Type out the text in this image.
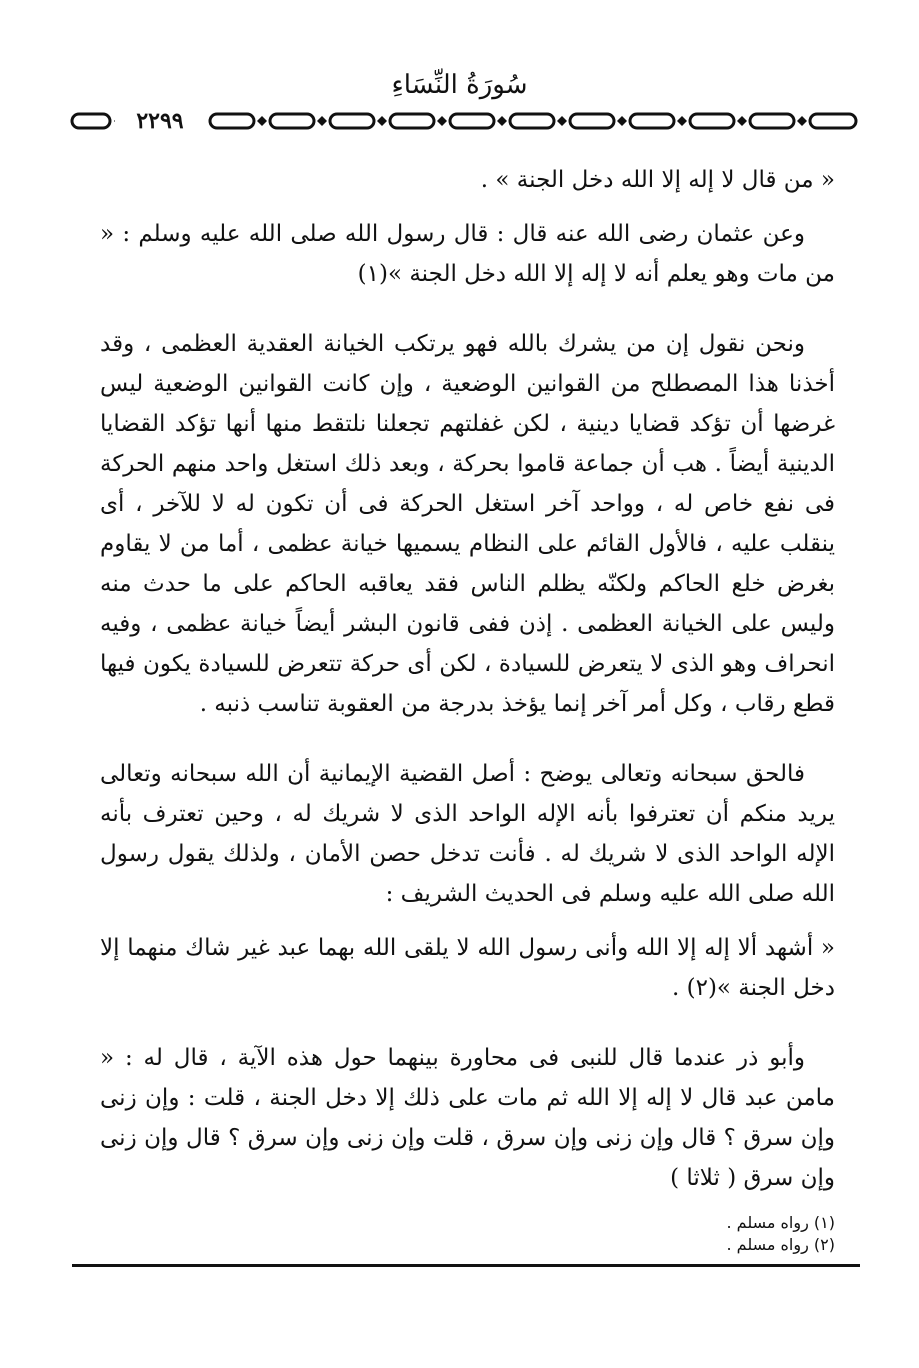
سُورَةُ النِّسَاءِ
٢٢٩٩

« من قال لا إله إلا الله دخل الجنة » .

وعن عثمان رضى الله عنه قال : قال رسول الله صلى الله عليه وسلم : « من مات وهو يعلم أنه لا إله إلا الله دخل الجنة »(١)

ونحن نقول إن من يشرك بالله فهو يرتكب الخيانة العقدية العظمى ، وقد أخذنا هذا المصطلح من القوانين الوضعية ، وإن كانت القوانين الوضعية ليس غرضها أن تؤكد قضايا دينية ، لكن غفلتهم تجعلنا نلتقط منها أنها تؤكد القضايا الدينية أيضاً . هب أن جماعة قاموا بحركة ، وبعد ذلك استغل واحد منهم الحركة فى نفع خاص له ، وواحد آخر استغل الحركة فى أن تكون له لا للآخر ، أى ينقلب عليه ، فالأول القائم على النظام يسميها خيانة عظمى ، أما من لا يقاوم بغرض خلع الحاكم ولكنّه يظلم الناس فقد يعاقبه الحاكم على ما حدث منه وليس على الخيانة العظمى . إذن ففى قانون البشر أيضاً خيانة عظمى ، وفيه انحراف وهو الذى لا يتعرض للسيادة ، لكن أى حركة تتعرض للسيادة يكون فيها قطع رقاب ، وكل أمر آخر إنما يؤخذ بدرجة من العقوبة تناسب ذنبه .

فالحق سبحانه وتعالى يوضح : أصل القضية الإيمانية أن الله سبحانه وتعالى يريد منكم أن تعترفوا بأنه الإله الواحد الذى لا شريك له ، وحين تعترف بأنه الإله الواحد الذى لا شريك له . فأنت تدخل حصن الأمان ، ولذلك يقول رسول الله صلى الله عليه وسلم فى الحديث الشريف :

« أشهد ألا إله إلا الله وأنى رسول الله لا يلقى الله بهما عبد غير شاك منهما إلا دخل الجنة »(٢) .

وأبو ذر عندما قال للنبى فى محاورة بينهما حول هذه الآية ، قال له : « مامن عبد قال لا إله إلا الله ثم مات على ذلك إلا دخل الجنة ، قلت : وإن زنى وإن سرق ؟ قال وإن زنى وإن سرق ، قلت وإن زنى وإن سرق ؟ قال وإن زنى وإن سرق ( ثلاثا )

(١) رواه مسلم .
(٢) رواه مسلم .
